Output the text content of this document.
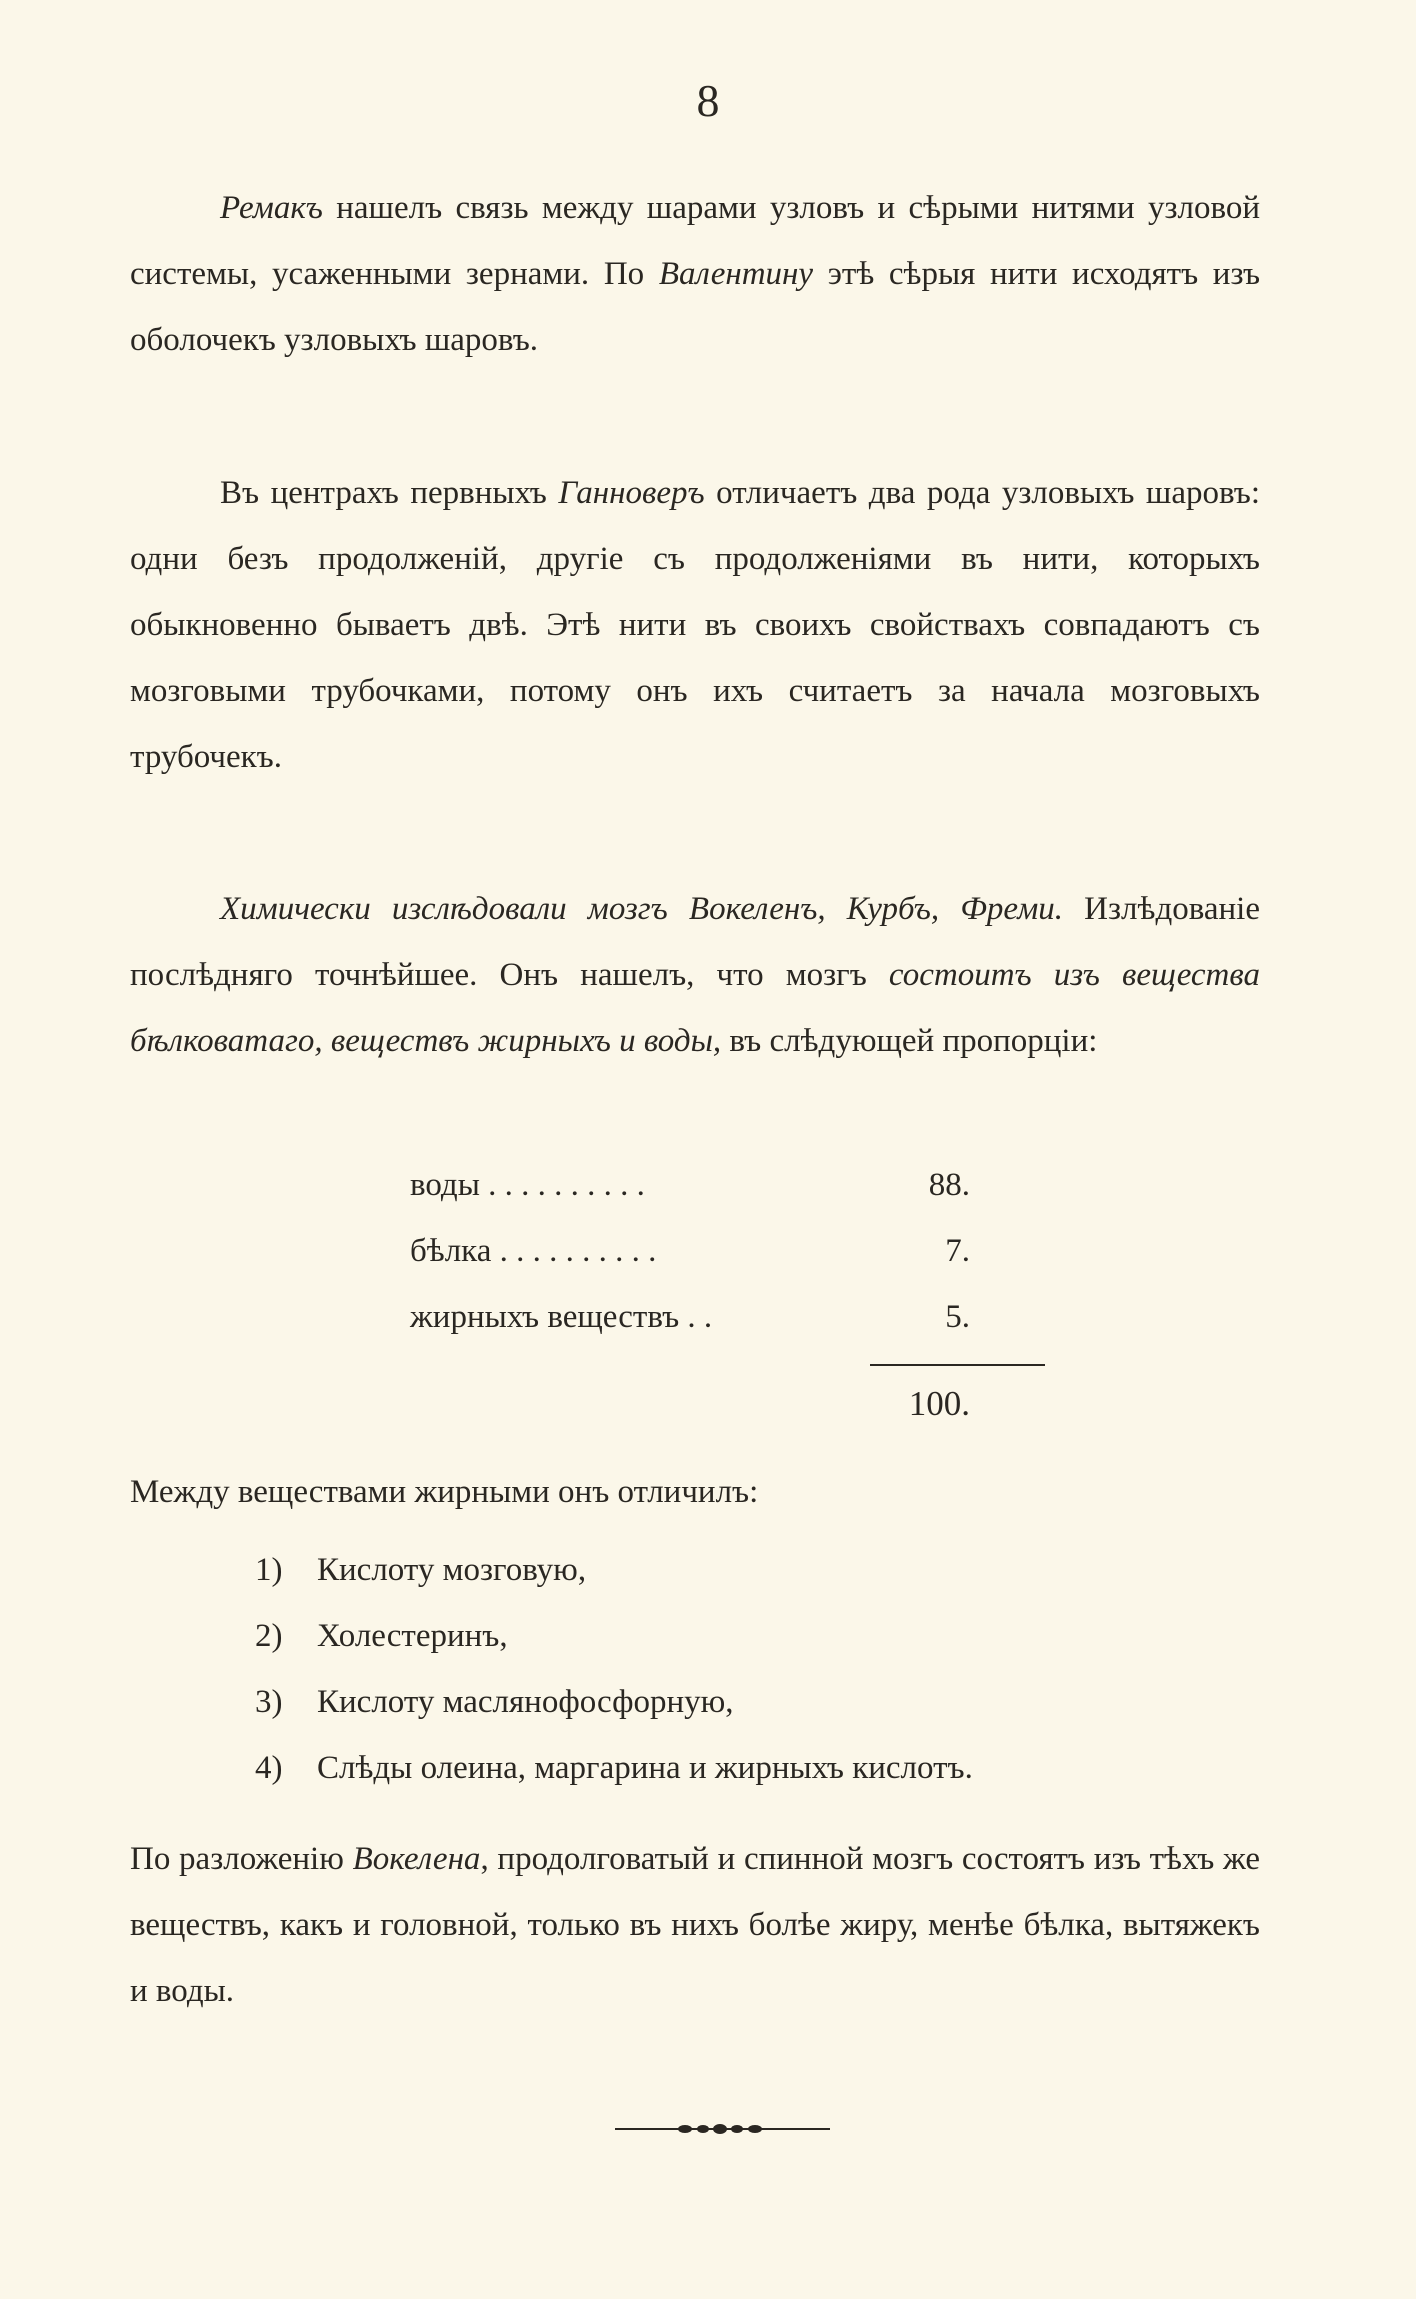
8

Ремакъ нашелъ связь между шарами узловъ и сѣрыми нитями узловой системы, усаженными зернами. По Валентину этѣ сѣрыя нити исходятъ изъ оболочекъ узловыхъ шаровъ.

Въ центрахъ первныхъ Ганноверъ отличаетъ два рода узловыхъ шаровъ: одни безъ продолженій, другіе съ продолженіями въ нити, которыхъ обыкновенно бываетъ двѣ. Этѣ нити въ своихъ свойствахъ совпадаютъ съ мозговыми трубочками, потому онъ ихъ считаетъ за начала мозговыхъ трубочекъ.

Химически изслѣдовали мозгъ Вокеленъ, Курбъ, Фреми. Излѣдованіе послѣдняго точнѣйшее. Онъ нашелъ, что мозгъ состоитъ изъ вещества бѣлковатаго, веществъ жирныхъ и воды, въ слѣдующей пропорціи:

воды . . . . . . . . . .	88.
бѣлка . . . . . . . . . .	7.
жирныхъ веществъ . .	5.
100.

Между веществами жирными онъ отличилъ:

1) Кислоту мозговую,
2) Холестеринъ,
3) Кислоту маслянофосфорную,
4) Слѣды олеина, маргарина и жирныхъ кислотъ.

По разложенію Вокелена, продолговатый и спинной мозгъ состоятъ изъ тѣхъ же веществъ, какъ и головной, только въ нихъ болѣе жиру, менѣе бѣлка, вытяжекъ и воды.
